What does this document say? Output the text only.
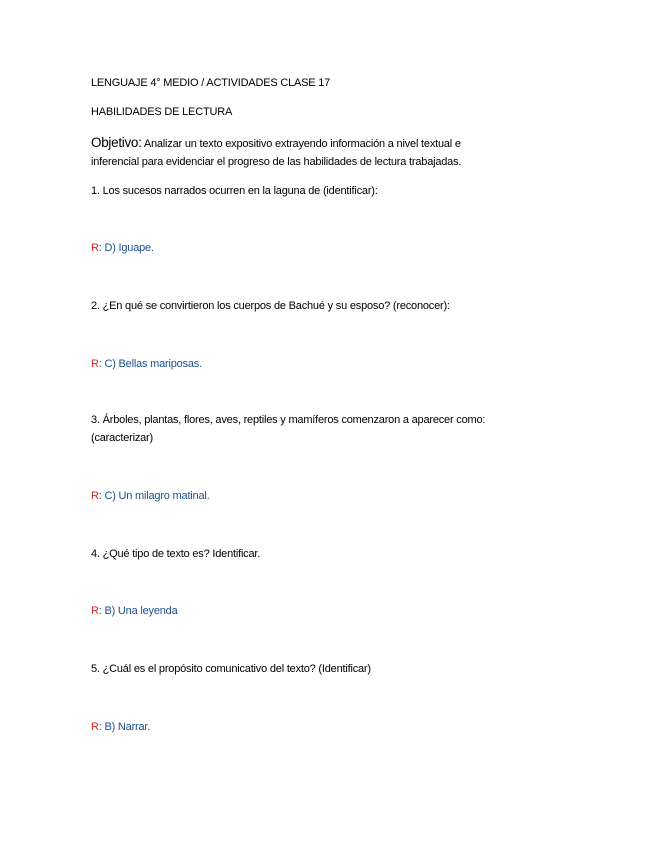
LENGUAJE 4° MEDIO / ACTIVIDADES CLASE 17
HABILIDADES DE LECTURA
Objetivo: Analizar un texto expositivo extrayendo información a nivel textual e
inferencial para evidenciar el progreso de las habilidades de lectura trabajadas.
1. Los sucesos narrados ocurren en la laguna de (identificar):
R: D) Iguape.
2. ¿En qué se convirtieron los cuerpos de Bachué y su esposo? (reconocer):
R: C) Bellas mariposas.
3. Árboles, plantas, flores, aves, reptiles y mamíferos comenzaron a aparecer como:
(caracterizar)
R: C) Un milagro matinal.
4. ¿Qué tipo de texto es? Identificar.
R: B) Una leyenda
5. ¿Cuál es el propósito comunicativo del texto? (Identificar)
R: B) Narrar.
